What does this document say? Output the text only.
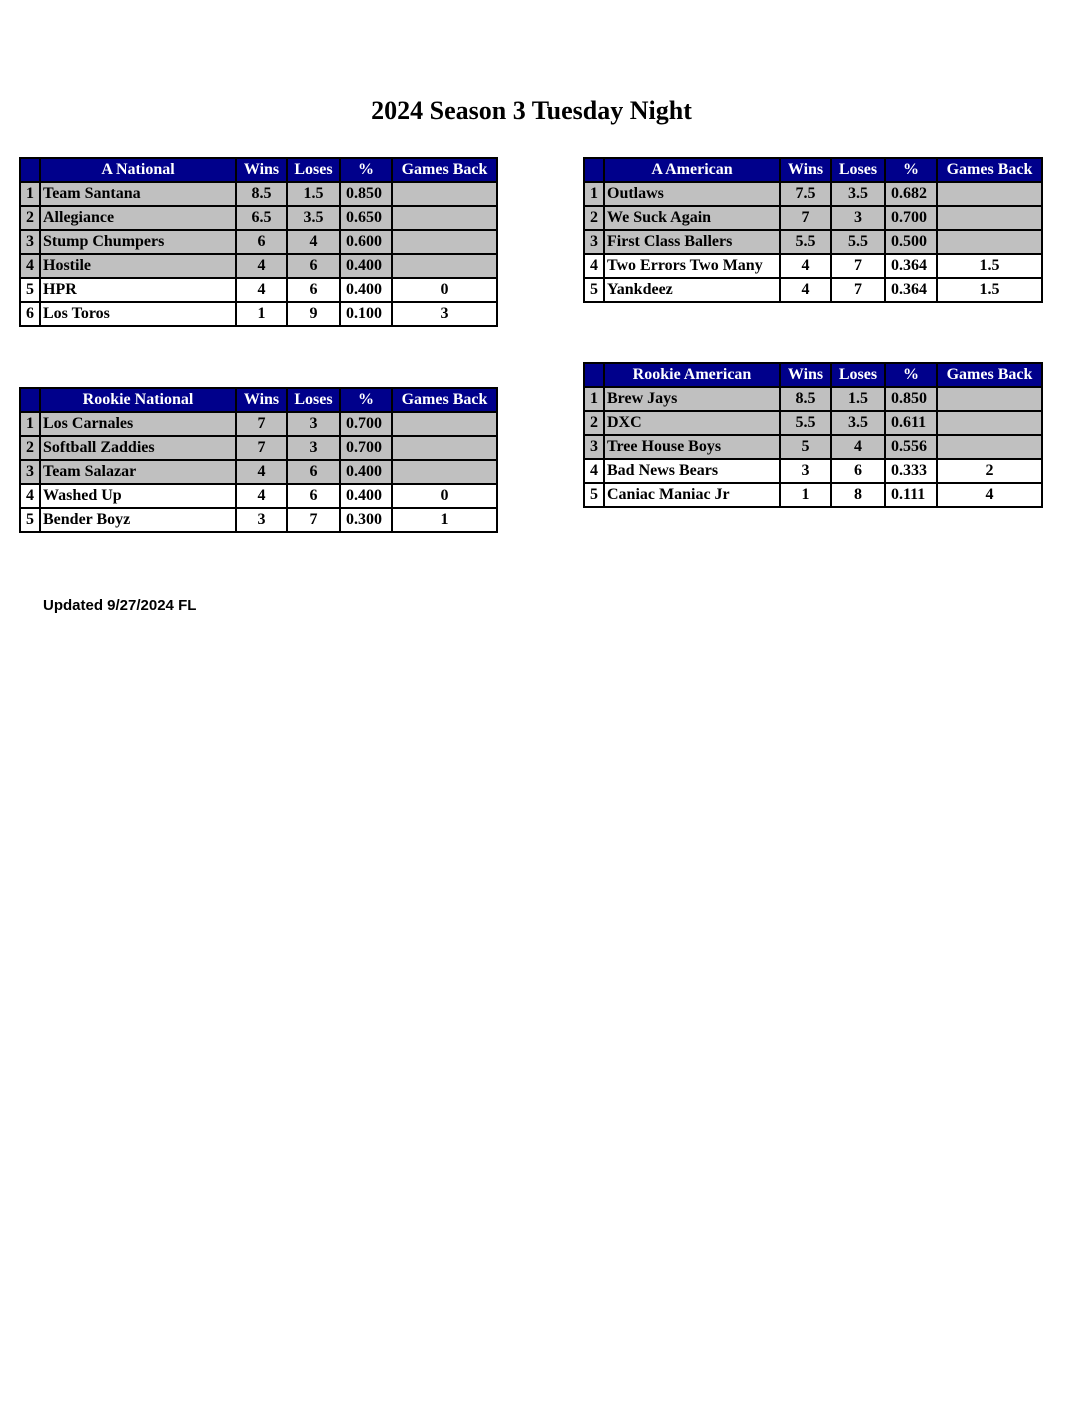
2024 Season 3 Tuesday Night
	A National	Wins	Loses	%	Games Back
1	Team Santana	8.5	1.5	0.850	
2	Allegiance	6.5	3.5	0.650	
3	Stump Chumpers	6	4	0.600	
4	Hostile	4	6	0.400	
5	HPR	4	6	0.400	0
6	Los Toros	1	9	0.100	3
	A American	Wins	Loses	%	Games Back
1	Outlaws	7.5	3.5	0.682	
2	We Suck Again	7	3	0.700	
3	First Class Ballers	5.5	5.5	0.500	
4	Two Errors Two Many	4	7	0.364	1.5
5	Yankdeez	4	7	0.364	1.5
	Rookie American	Wins	Loses	%	Games Back
1	Brew Jays	8.5	1.5	0.850	
2	DXC	5.5	3.5	0.611	
3	Tree House Boys	5	4	0.556	
4	Bad News Bears	3	6	0.333	2
5	Caniac Maniac Jr	1	8	0.111	4
	Rookie National	Wins	Loses	%	Games Back
1	Los Carnales	7	3	0.700	
2	Softball Zaddies	7	3	0.700	
3	Team Salazar	4	6	0.400	
4	Washed Up	4	6	0.400	0
5	Bender Boyz	3	7	0.300	1
Updated 9/27/2024 FL
